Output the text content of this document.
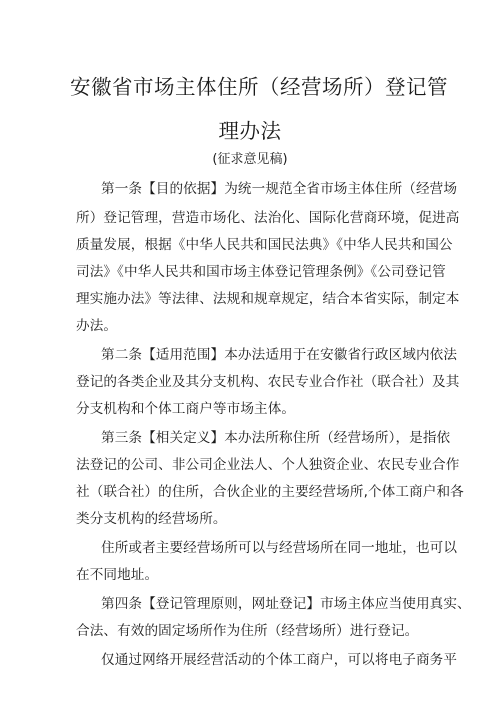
安徽省市场主体住所（经营场所）登记管
理办法
(征求意见稿)
第一条【目的依据】为统一规范全省市场主体住所（经营场
所）登记管理，营造市场化、法治化、国际化营商环境，促进高
质量发展，根据《中华人民共和国民法典》《中华人民共和国公
司法》《中华人民共和国市场主体登记管理条例》《公司登记管
理实施办法》等法律、法规和规章规定，结合本省实际，制定本
办法。
第二条【适用范围】本办法适用于在安徽省行政区域内依法
登记的各类企业及其分支机构、农民专业合作社（联合社）及其
分支机构和个体工商户等市场主体。
第三条【相关定义】本办法所称住所（经营场所），是指依
法登记的公司、非公司企业法人、个人独资企业、农民专业合作
社（联合社）的住所，合伙企业的主要经营场所,个体工商户和各
类分支机构的经营场所。
住所或者主要经营场所可以与经营场所在同一地址，也可以
在不同地址。
第四条【登记管理原则，网址登记】市场主体应当使用真实、
合法、有效的固定场所作为住所（经营场所）进行登记。
仅通过网络开展经营活动的个体工商户，可以将电子商务平
